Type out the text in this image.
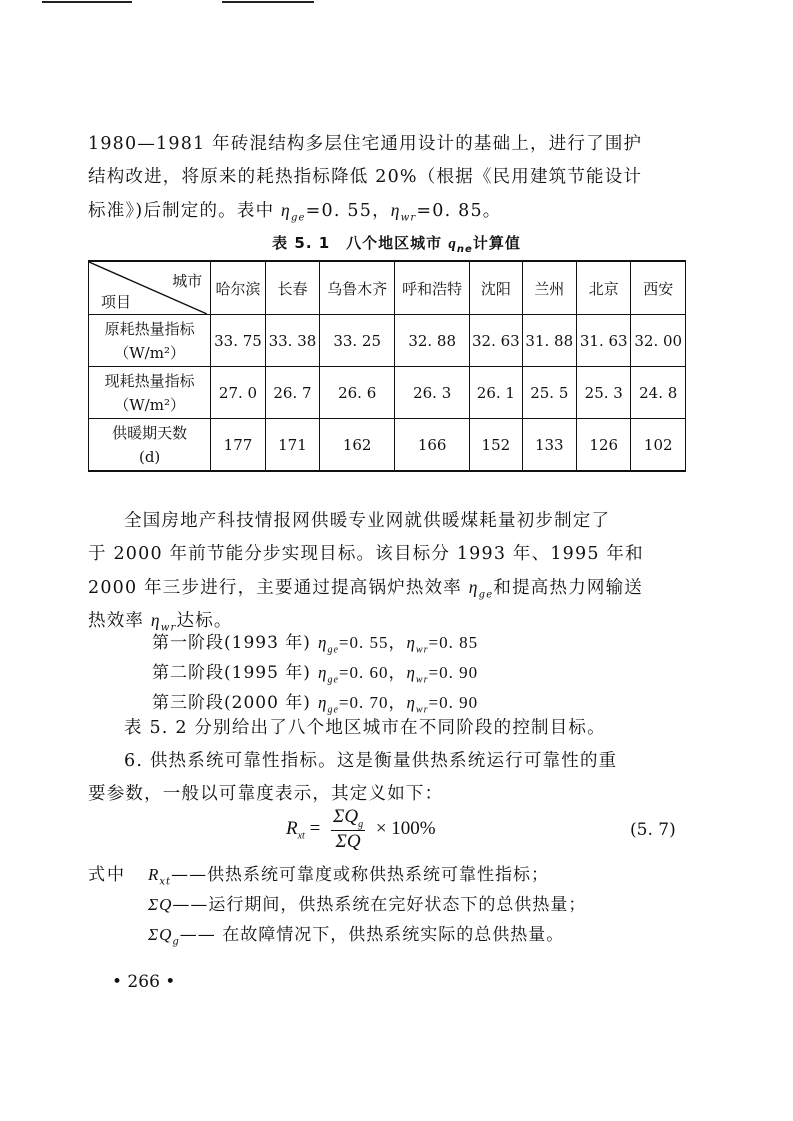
1980—1981 年砖混结构多层住宅通用设计的基础上，进行了围护
结构改进，将原来的耗热指标降低 20%（根据《民用建筑节能设计
标准》)后制定的。表中 $\eta_{ge}=0$. 55，$\eta_{wr}=0$. 85。
表 5. 1　八个地区城市 $q_{ne}$计算值
城市
项目	哈尔滨	长春	乌鲁木齐	呼和浩特	沈阳	兰州	北京	西安

原耗热量指标
（W/m²）	33. 75	33. 38	33. 25	32. 88	32. 63	31. 88	31. 63	32. 00

现耗热量指标
（W/m²）	27. 0	26. 7	26. 6	26. 3	26. 1	25. 5	25. 3	24. 8

供暖期天数
(d)	177	171	162	166	152	133	126	102
全国房地产科技情报网供暖专业网就供暖煤耗量初步制定了
于 2000 年前节能分步实现目标。该目标分 1993 年、1995 年和
2000 年三步进行，主要通过提高锅炉热效率 $\eta_{ge}$和提高热力网输送
热效率 $\eta_{wr}$达标。
第一阶段(1993 年) $\eta_{ge}=0$. 55，$\eta_{wr}=0$. 85
第二阶段(1995 年) $\eta_{ge}=0$. 60，$\eta_{wr}=0$. 90
第三阶段(2000 年) $\eta_{ge}=0$. 70，$\eta_{wr}=0$. 90
表 5. 2 分别给出了八个地区城市在不同阶段的控制目标。
6. 供热系统可靠性指标。这是衡量供热系统运行可靠性的重
要参数，一般以可靠度表示，其定义如下：
$R_{xt} = \frac{\Sigma Q_g}{\Sigma Q} \times 100\%$	(5. 7)
式中 $R_{xt}——$供热系统可靠度或称供热系统可靠性指标；
ΣQ——运行期间，供热系统在完好状态下的总供热量；
$\Sigma Q_g——$ 在故障情况下，供热系统实际的总供热量。
• 266 •
